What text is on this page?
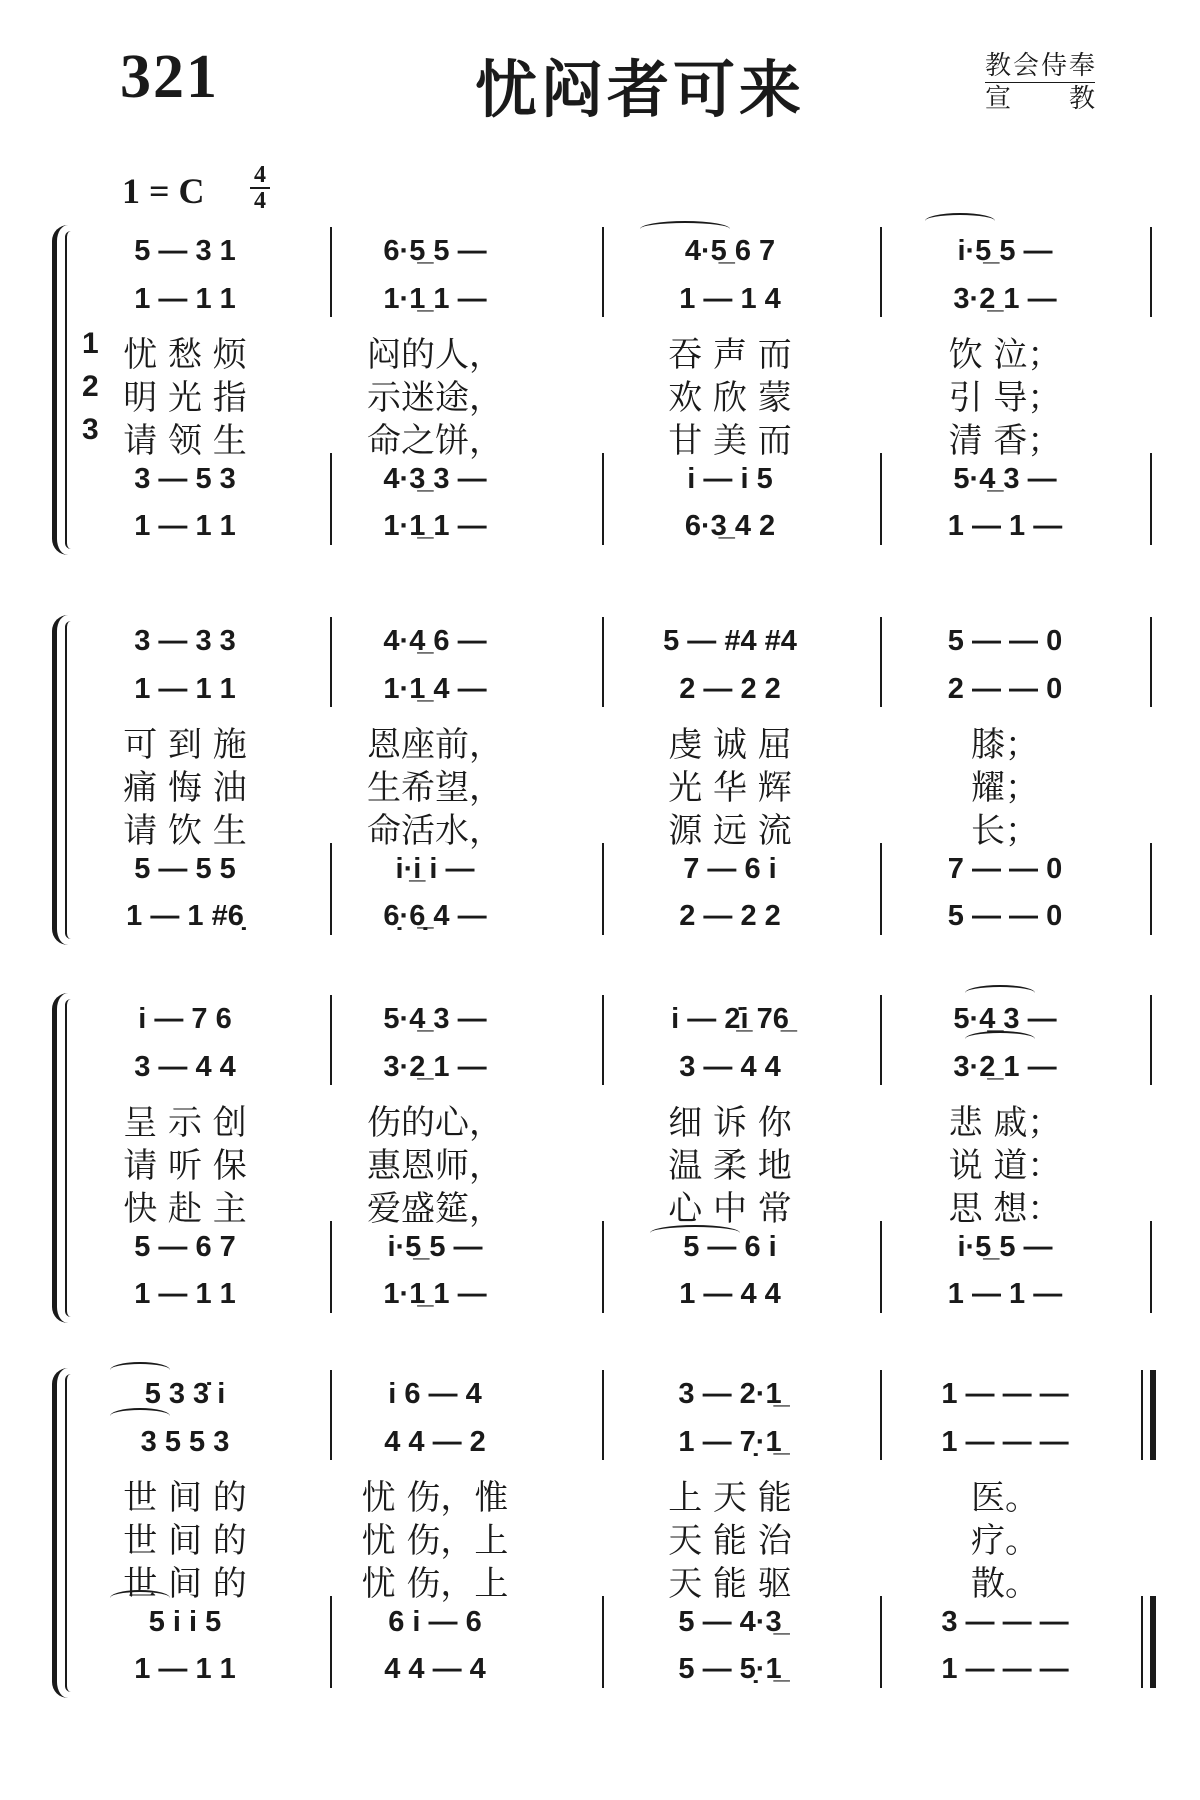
321	忧闷者可来	教会侍奉
宣 教
1 = C 4
4
5 — 3 1	6·5̲ 5 —	4·5̲ 6 7	i·5̲ 5 —
1 — 1 1	1·1̲ 1 —	1 — 1 4	3·2̲ 1 —
1 忧 愁 烦	闷的人，	吞 声 而	饮 泣；
2 明 光 指	示迷途，	欢 欣 蒙	引 导；
3 请 领 生	命之饼，	甘 美 而	清 香；
3 — 5 3	4·3̲ 3 —	i — i 5	5·4̲ 3 —
1 — 1 1	1·1̲ 1 —	6·3̲ 4 2	1 — 1 —
3 — 3 3	4·4̲ 6 —	5 — #4 #4	5 — — 0
1 — 1 1	1·1̲ 4 —	2 — 2 2	2 — — 0
可 到 施	恩座前，	虔 诚 屈	膝；
痛 悔 油	生希望，	光 华 辉	耀；
请 饮 生	命活水，	源 远 流	长；
5 — 5 5	i·i̲ i —	7 — 6 i	7 — — 0
1 — 1 #6̣	6̣·6̣̲ 4 —	2 — 2 2	5 — — 0
i — 7 6	5·4̲ 3 —	i — 2̇i̲ 76̲	5·4̲ 3 —
3 — 4 4	3·2̲ 1 —	3 — 4 4	3·2̲ 1 —
呈 示 创	伤的心，	细 诉 你	悲 戚；
请 听 保	惠恩师，	温 柔 地	说 道：
快 赴 主	爱盛筵，	心 中 常	思 想：
5 — 6 7	i·5̲ 5 —	5 — 6 i	i·5̲ 5 —
1 — 1 1	1·1̲ 1 —	1 — 4 4	1 — 1 —
5 3 3̇ i	i 6 — 4	3 — 2·1̲	1 — — —
3 5 5 3	4 4 — 2	1 — 7̣·1̲	1 — — —
世 间 的	忧 伤，惟	上 天 能	医。
世 间 的	忧 伤，上	天 能 治	疗。
世 间 的	忧 伤，上	天 能 驱	散。
5 i i 5	6 i — 6	5 — 4·3̲	3 — — —
1 — 1 1	4 4 — 4	5 — 5̣·1̲	1 — — —
